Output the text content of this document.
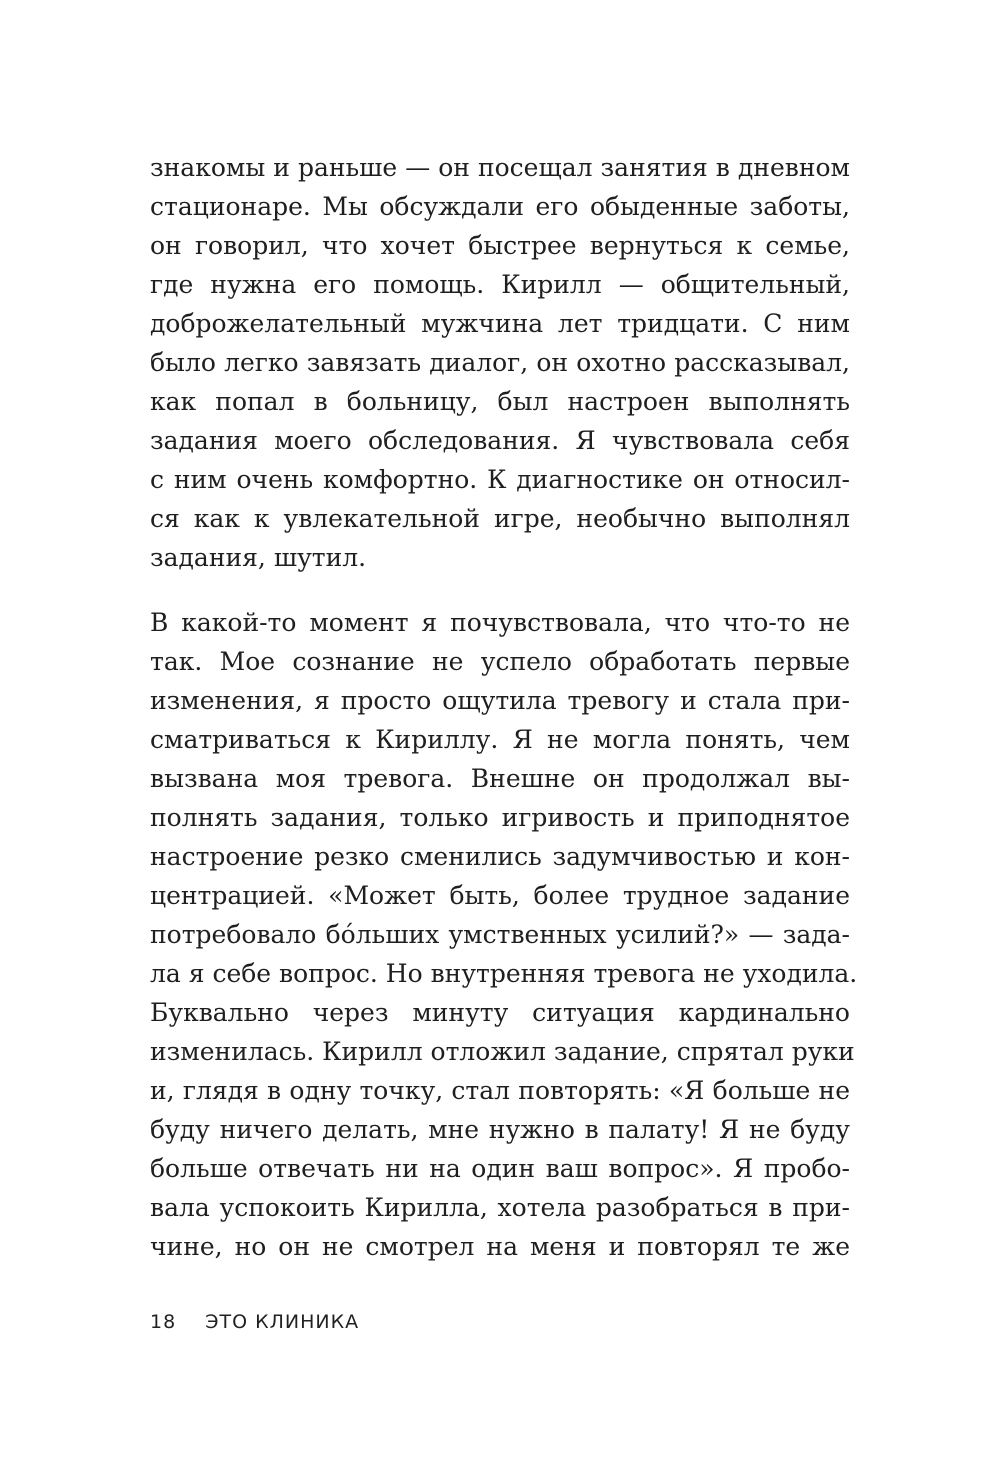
знакомы и раньше — он посещал занятия в дневном
стационаре. Мы обсуждали его обыденные заботы,
он говорил, что хочет быстрее вернуться к семье,
где нужна его помощь. Кирилл — общительный,
доброжелательный мужчина лет тридцати. С ним
было легко завязать диалог, он охотно рассказывал,
как попал в больницу, был настроен выполнять
задания моего обследования. Я чувствовала себя
с ним очень комфортно. К диагностике он относил-
ся как к увлекательной игре, необычно выполнял
задания, шутил.
В какой-то момент я почувствовала, что что-то не
так. Мое сознание не успело обработать первые
изменения, я просто ощутила тревогу и стала при-
сматриваться к Кириллу. Я не могла понять, чем
вызвана моя тревога. Внешне он продолжал вы-
полнять задания, только игривость и приподнятое
настроение резко сменились задумчивостью и кон-
центрацией. «Может быть, более трудное задание
потребовало бóльших умственных усилий?» — зада-
ла я себе вопрос. Но внутренняя тревога не уходила.
Буквально через минуту ситуация кардинально
изменилась. Кирилл отложил задание, спрятал руки
и, глядя в одну точку, стал повторять: «Я больше не
буду ничего делать, мне нужно в палату! Я не буду
больше отвечать ни на один ваш вопрос». Я пробо-
вала успокоить Кирилла, хотела разобраться в при-
чине, но он не смотрел на меня и повторял те же
18 ЭТО КЛИНИКА
